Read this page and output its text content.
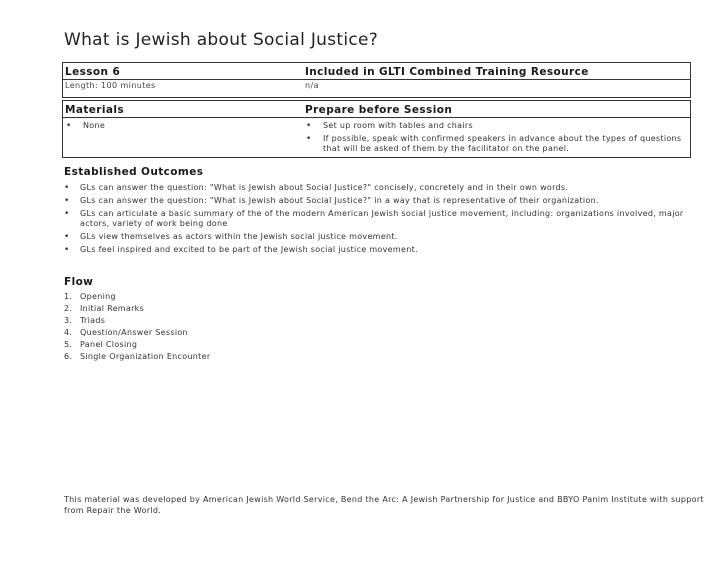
What is Jewish about Social Justice?
Lesson 6
Length: 100 minutes
Included in GLTI Combined Training Resource
n/a
Materials
• None
Prepare before Session
• Set up room with tables and chairs
• If possible, speak with confirmed speakers in advance about the types of questions that will be asked of them by the facilitator on the panel.
Established Outcomes
• GLs can answer the question: "What is Jewish about Social Justice?" concisely, concretely and in their own words.
• GLs can answer the question: "What is Jewish about Social Justice?" in a way that is representative of their organization.
• GLs can articulate a basic summary of the of the modern American Jewish social justice movement, including: organizations involved, major actors, variety of work being done
• GLs view themselves as actors within the Jewish social justice movement.
• GLs feel inspired and excited to be part of the Jewish social justice movement.
Flow
1. Opening
2. Initial Remarks
3. Triads
4. Question/Answer Session
5. Panel Closing
6. Single Organization Encounter
This material was developed by American Jewish World Service, Bend the Arc: A Jewish Partnership for Justice and BBYO Panim Institute with support from Repair the World.
